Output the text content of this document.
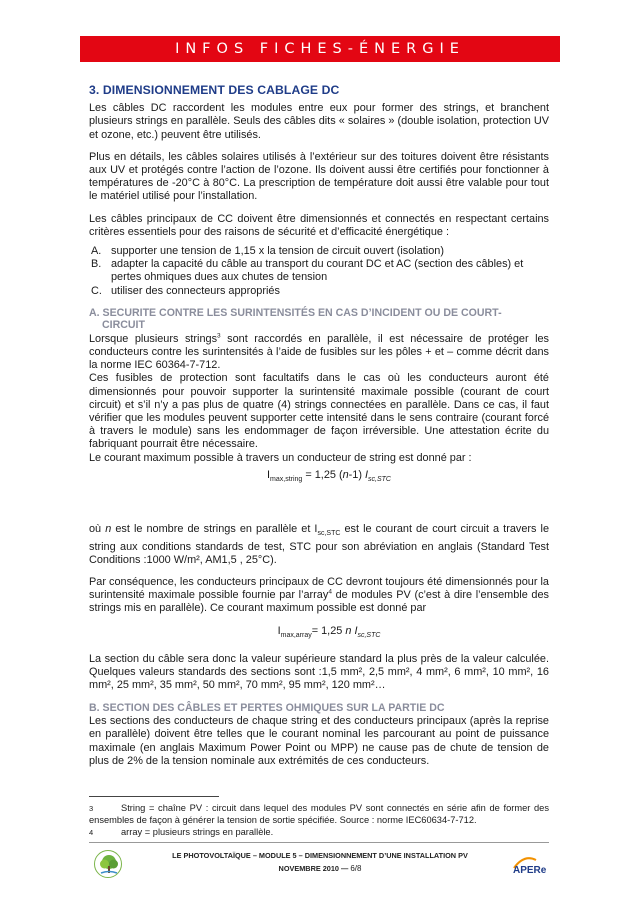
INFOS FICHES-ÉNERGIE
3. DIMENSIONNEMENT DES CABLAGE DC

Les câbles DC raccordent les modules entre eux pour former des strings, et branchent plusieurs strings en parallèle. Seuls des câbles dits « solaires » (double isolation, protection UV et ozone, etc.) peuvent être utilisés.

Plus en détails, les câbles solaires utilisés à l’extérieur sur des toitures doivent être résistants aux UV et protégés contre l’action de l’ozone. Ils doivent aussi être certifiés pour fonctionner à températures de -20°C à 80°C. La prescription de température doit aussi être valable pour tout le matériel utilisé pour l’installation.

Les câbles principaux de CC doivent être dimensionnés et connectés en respectant certains critères essentiels pour des raisons de sécurité et d’efficacité énergétique :

A. supporter une tension de 1,15 x la tension de circuit ouvert (isolation)
B. adapter la capacité du câble au transport du courant DC et AC (section des câbles) et pertes ohmiques dues aux chutes de tension
C. utiliser des connecteurs appropriés
A. SECURITE CONTRE LES SURINTENSITÉS EN CAS D’INCIDENT OU DE COURT-
CIRCUIT

Lorsque plusieurs strings$^3$ sont raccordés en parallèle, il est nécessaire de protéger les conducteurs contre les surintensités à l’aide de fusibles sur les pôles + et – comme décrit dans la norme IEC 60364-7-712.

Ces fusibles de protection sont facultatifs dans le cas où les conducteurs auront été dimensionnés pour pouvoir supporter la surintensité maximale possible (courant de court circuit) et s’il n’y a pas plus de quatre (4) strings connectées en parallèle. Dans ce cas, il faut vérifier que les modules peuvent supporter cette intensité dans le sens contraire (courant forcé à travers le module) sans les endommager de façon irréversible. Une attestation écrite du fabriquant pourrait être nécessaire.

Le courant maximum possible à travers un conducteur de string est donné par :

$I_{max,string} = 1,25$ (n-1) $I_{sc,STC}$

où n est le nombre de strings en parallèle et $I_{sc,STC}$ est le courant de court circuit a travers le string aux conditions standards de test, STC pour son abréviation en anglais (Standard Test Conditions :1000 W/m², AM1,5 , 25°C).

Par conséquence, les conducteurs principaux de CC devront toujours été dimensionnés pour la surintensité maximale possible fournie par l’array$^4$ de modules PV (c’est à dire l’ensemble des strings mis en parallèle). Ce courant maximum possible est donné par

$I_{max,array}= 1,25$ n $I_{sc,STC}$

La section du câble sera donc la valeur supérieure standard la plus près de la valeur calculée. Quelques valeurs standards des sections sont :1,5 mm², 2,5 mm², 4 mm², 6 mm², 10 mm², 16 mm², 25 mm², 35 mm², 50 mm², 70 mm², 95 mm², 120 mm²…

B. SECTION DES CÂBLES ET PERTES OHMIQUES SUR LA PARTIE DC

Les sections des conducteurs de chaque string et des conducteurs principaux (après la reprise en parallèle) doivent être telles que le courant nominal les parcourant au point de puissance maximale (en anglais Maximum Power Point ou MPP) ne cause pas de chute de tension de plus de 2% de la tension nominale aux extrémités de ces conducteurs.

3	String = chaîne PV : circuit dans lequel des modules PV sont connectés en série afin de former des ensembles de façon à générer la tension de sortie spécifiée. Source : norme IEC60634-7-712.
4	array = plusieurs strings en parallèle.
LE PHOTOVOLTAÏQUE – MODULE 5 – DIMENSIONNEMENT D’UNE INSTALLATION PV
NOVEMBRE 2010 — 6/8	APERe
